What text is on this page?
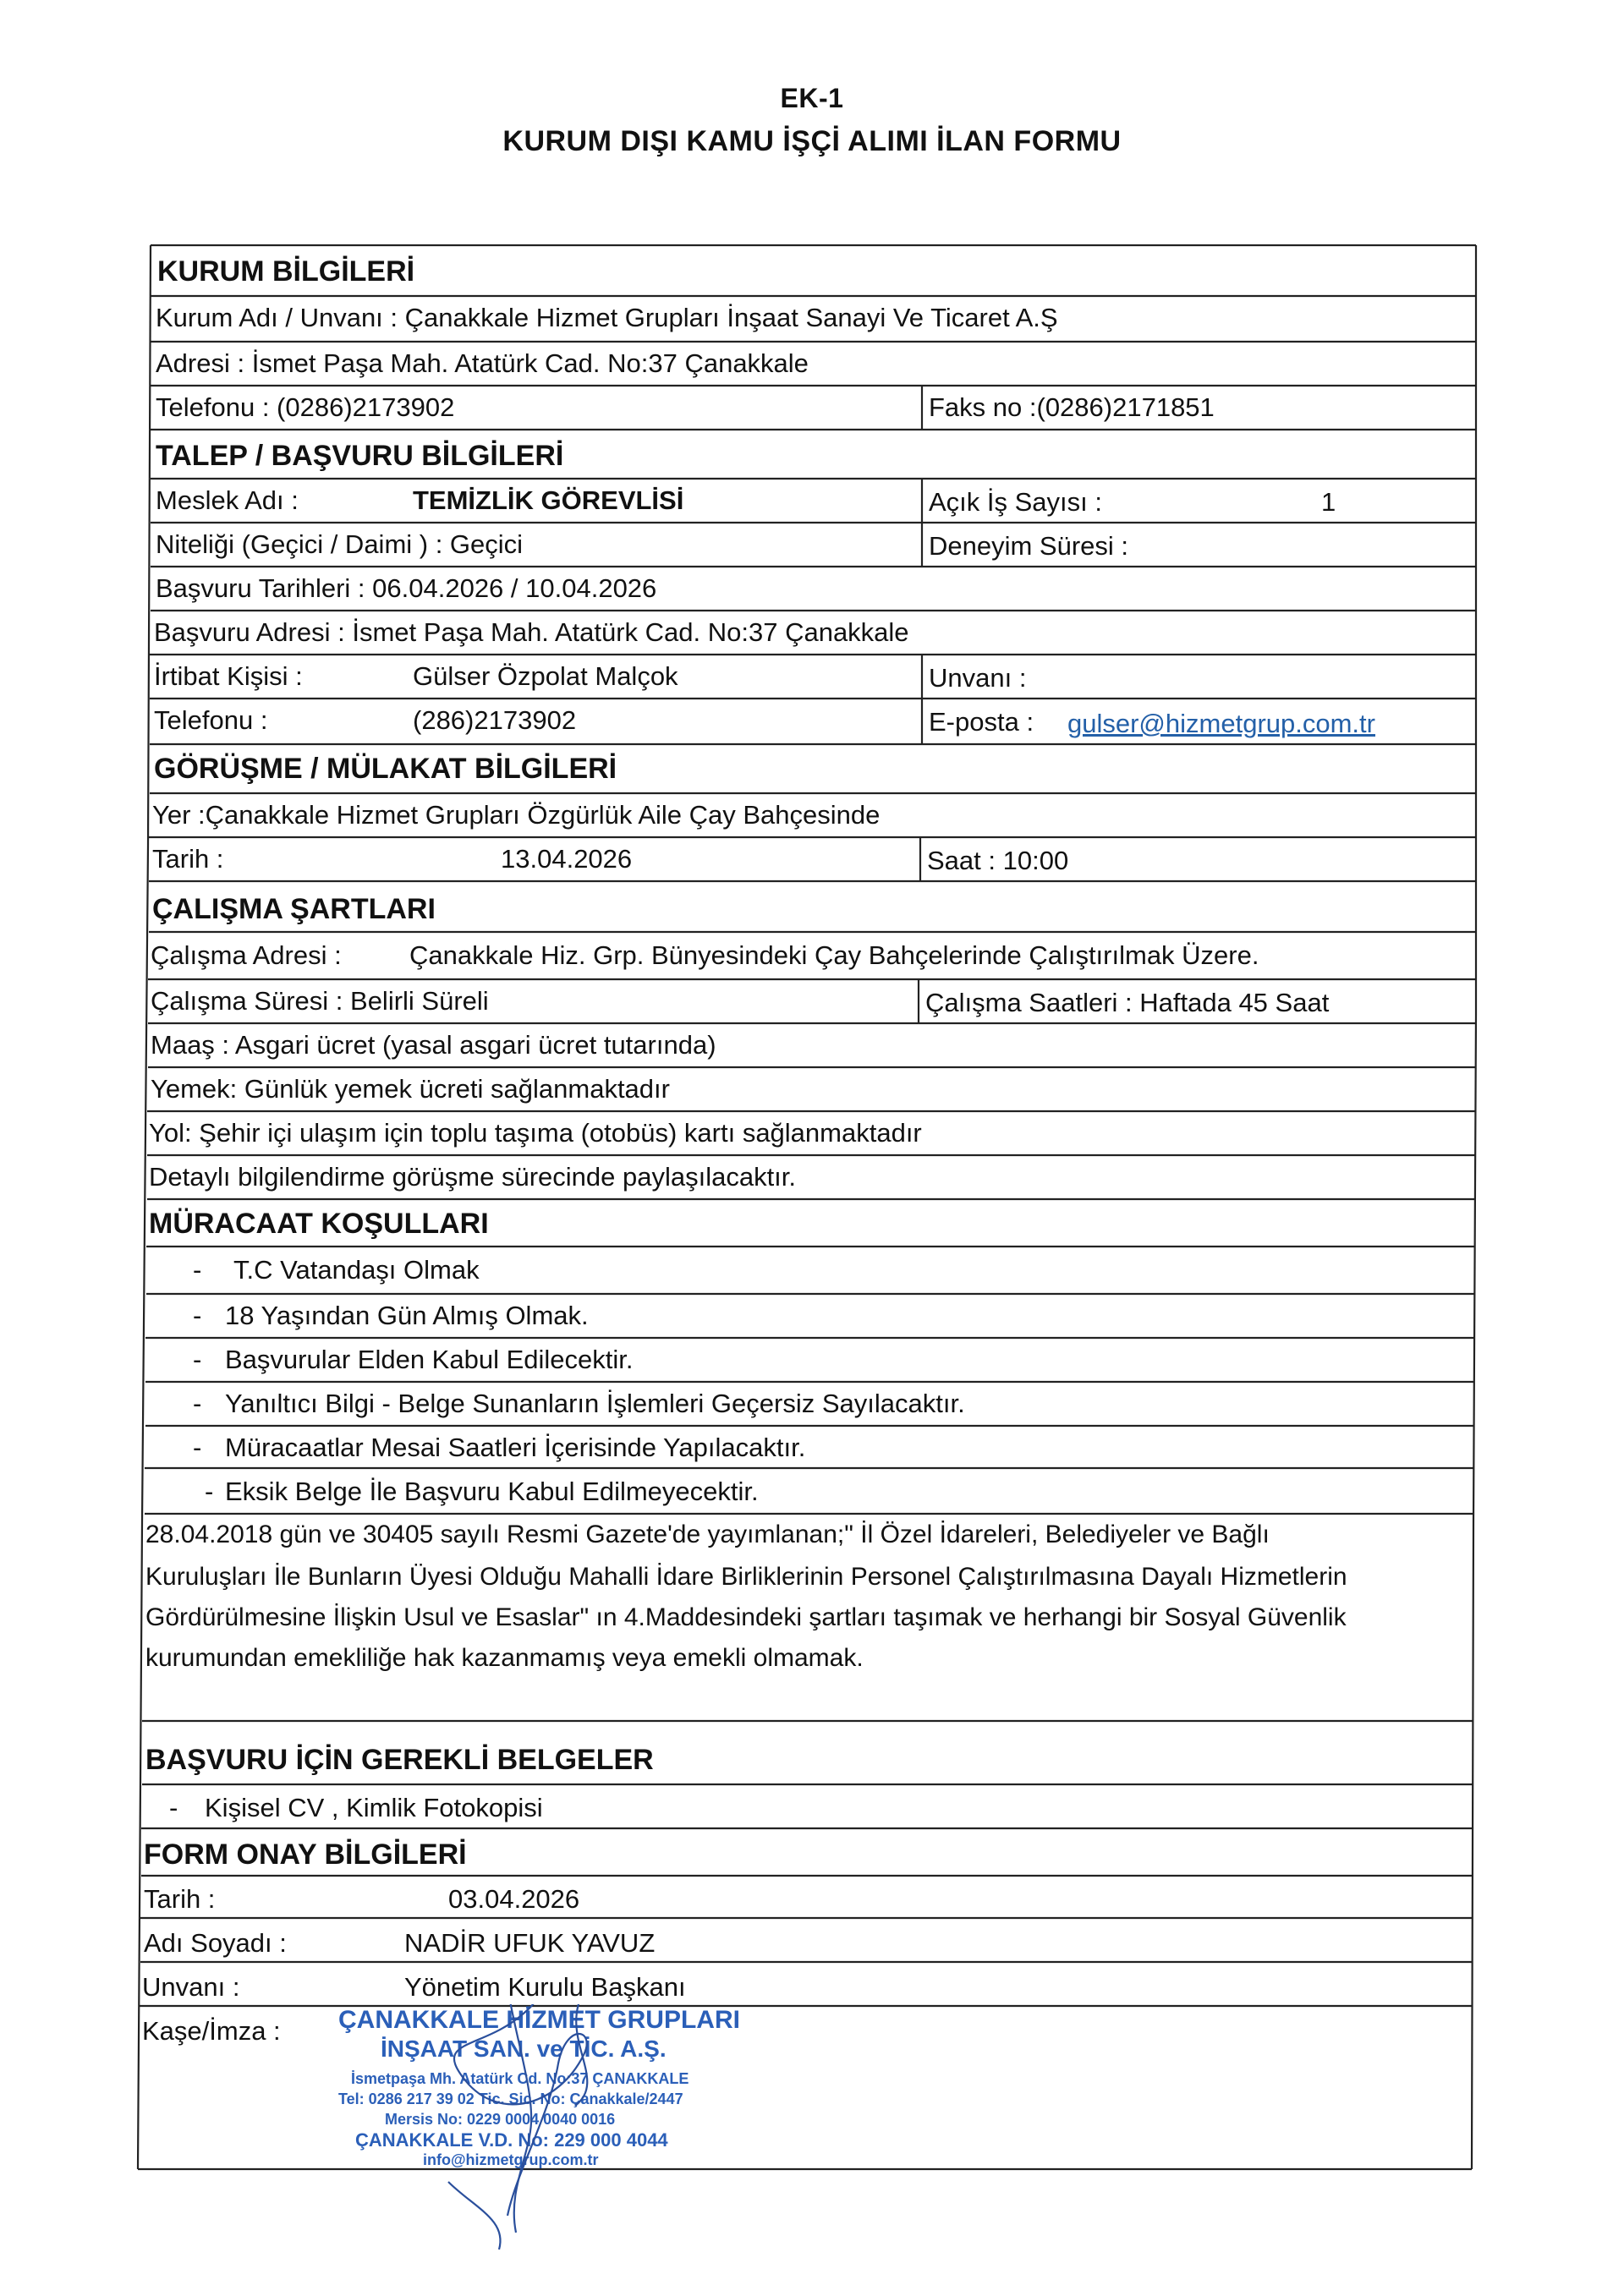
EK-1
KURUM DIŞI KAMU İŞÇİ ALIMI İLAN FORMU
KURUM BİLGİLERİ
Kurum Adı / Unvanı : Çanakkale Hizmet Grupları İnşaat Sanayi Ve Ticaret A.Ş
Adresi : İsmet Paşa Mah. Atatürk Cad. No:37 Çanakkale
Telefonu : (0286)2173902	Faks no :(0286)2171851
TALEP / BAŞVURU BİLGİLERİ
Meslek Adı :	TEMİZLİK GÖREVLİSİ	Açık İş Sayısı :	1
Niteliği (Geçici / Daimi ) : Geçici	Deneyim Süresi :
Başvuru Tarihleri : 06.04.2026 / 10.04.2026
Başvuru Adresi : İsmet Paşa Mah. Atatürk Cad. No:37 Çanakkale
İrtibat Kişisi :	Gülser Özpolat Malçok	Unvanı :
Telefonu :	(286)2173902	E-posta : gulser@hizmetgrup.com.tr
GÖRÜŞME / MÜLAKAT BİLGİLERİ
Yer :Çanakkale Hizmet Grupları Özgürlük Aile Çay Bahçesinde
Tarih :	13.04.2026	Saat : 10:00
ÇALIŞMA ŞARTLARI
Çalışma Adresi :	Çanakkale Hiz. Grp. Bünyesindeki Çay Bahçelerinde Çalıştırılmak Üzere.
Çalışma Süresi : Belirli Süreli	Çalışma Saatleri : Haftada 45 Saat
Maaş : Asgari ücret (yasal asgari ücret tutarında)
Yemek: Günlük yemek ücreti sağlanmaktadır
Yol: Şehir içi ulaşım için toplu taşıma (otobüs) kartı sağlanmaktadır
Detaylı bilgilendirme görüşme sürecinde paylaşılacaktır.
MÜRACAAT KOŞULLARI
- T.C Vatandaşı Olmak
- 18 Yaşından Gün Almış Olmak.
- Başvurular Elden Kabul Edilecektir.
- Yanıltıcı Bilgi - Belge Sunanların İşlemleri Geçersiz Sayılacaktır.
- Müracaatlar Mesai Saatleri İçerisinde Yapılacaktır.
- Eksik Belge İle Başvuru Kabul Edilmeyecektir.
28.04.2018 gün ve 30405 sayılı Resmi Gazete'de yayımlanan;" İl Özel İdareleri, Belediyeler ve Bağlı
Kuruluşları İle Bunların Üyesi Olduğu Mahalli İdare Birliklerinin Personel Çalıştırılmasına Dayalı Hizmetlerin
Gördürülmesine İlişkin Usul ve Esaslar" ın 4.Maddesindeki şartları taşımak ve herhangi bir Sosyal Güvenlik
kurumundan emekliliğe hak kazanmamış veya emekli olmamak.
BAŞVURU İÇİN GEREKLİ BELGELER
- Kişisel CV , Kimlik Fotokopisi
FORM ONAY BİLGİLERİ
Tarih :	03.04.2026
Adı Soyadı :	NADİR UFUK YAVUZ
Unvanı :	Yönetim Kurulu Başkanı
Kaşe/İmza : ÇANAKKALE HİZMET GRUPLARI
İNŞAAT SAN. ve TİC. A.Ş.
İsmetpaşa Mh. Atatürk Cd. No:37 ÇANAKKALE
Tel: 0286 217 39 02 Tic. Sic. No: Çanakkale/2447
Mersis No: 0229 0004 0040 0016
ÇANAKKALE V.D. No: 229 000 4044
info@hizmetgrup.com.tr
